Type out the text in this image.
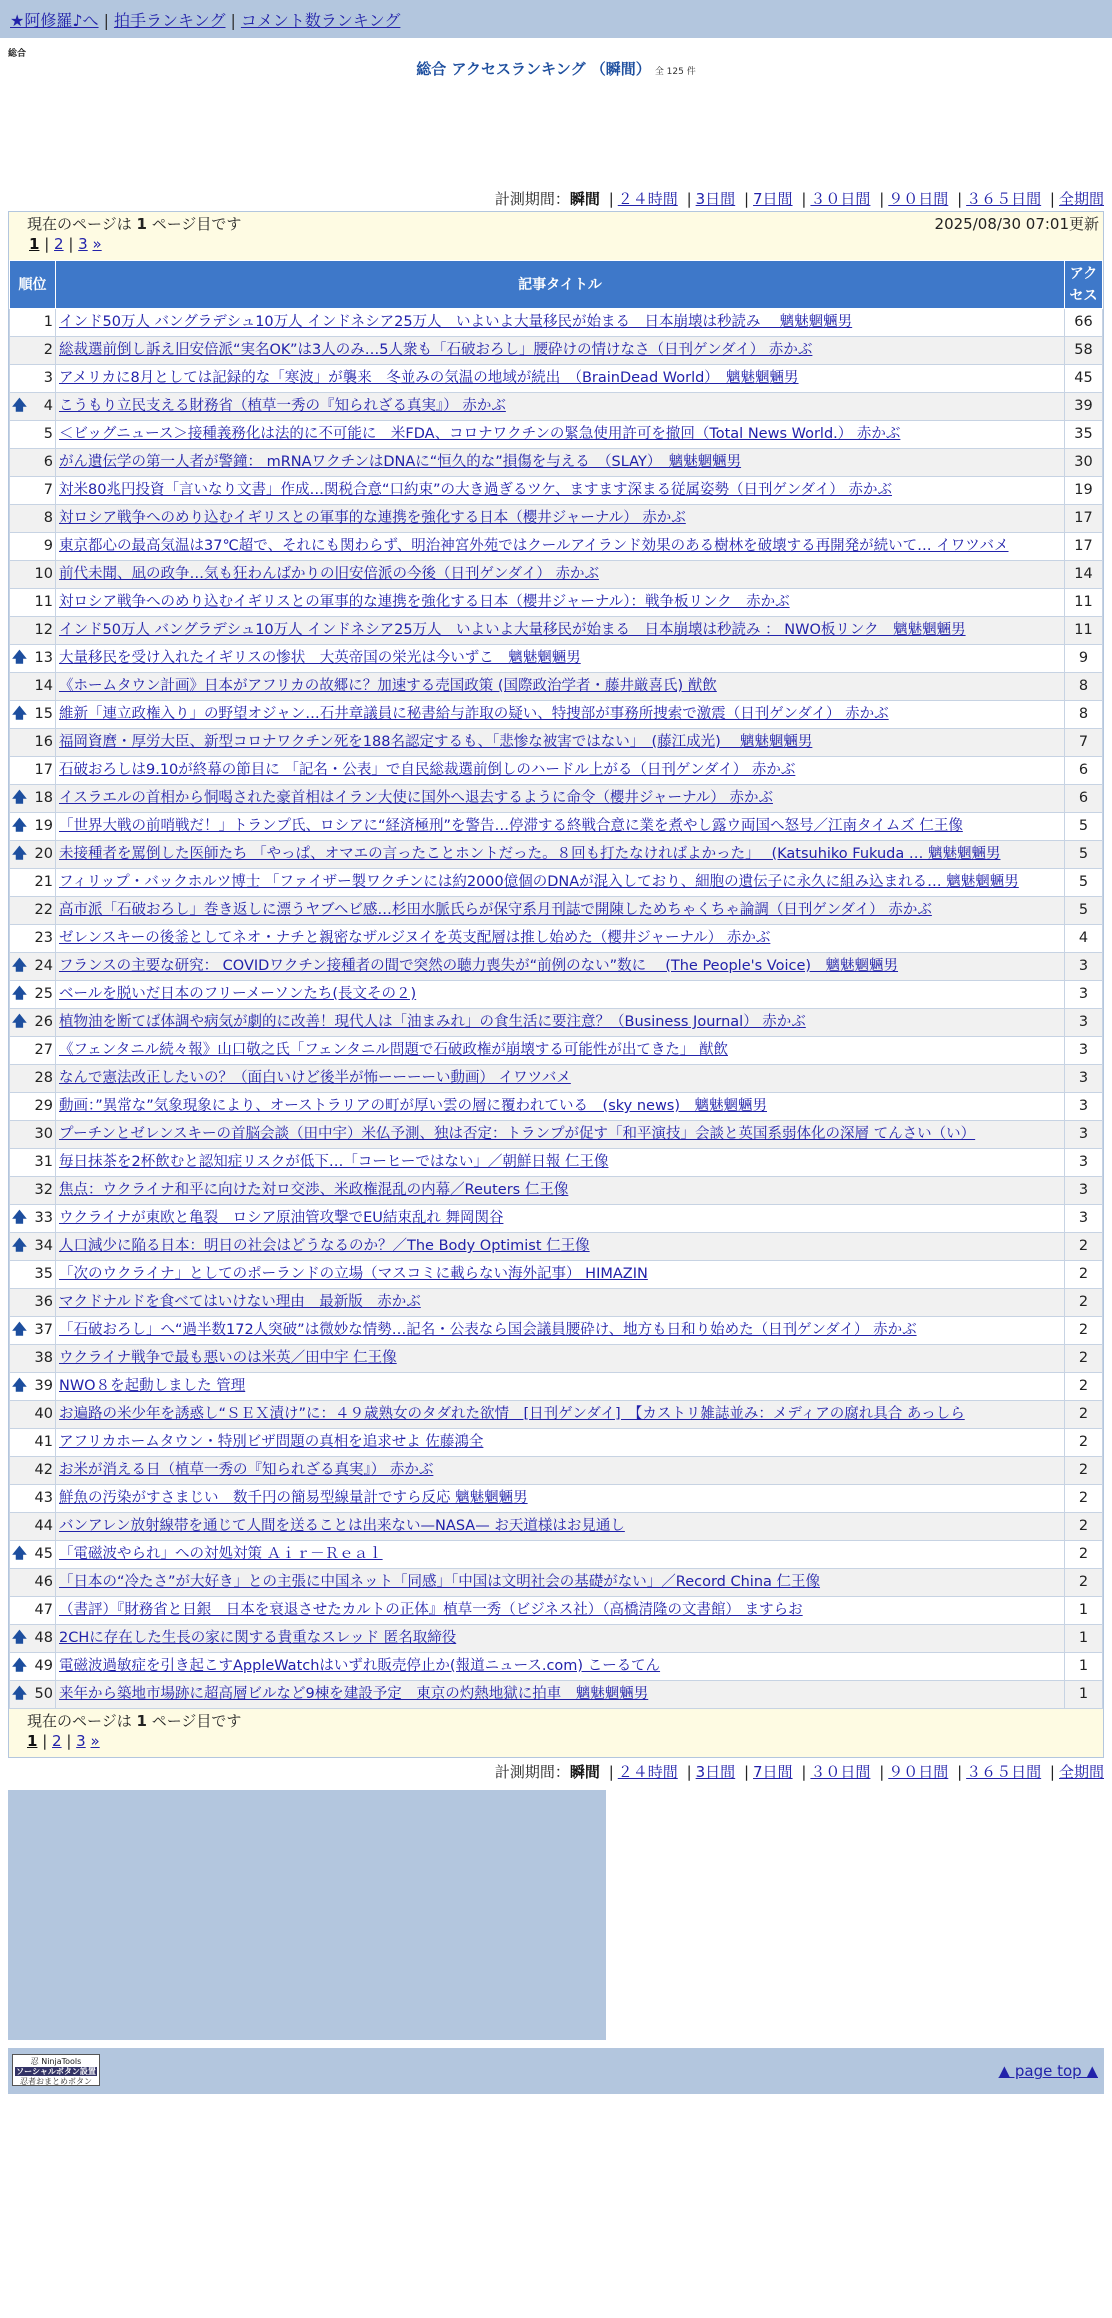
★阿修羅♪へ | 拍手ランキング | コメント数ランキング
総合
総合 アクセスランキング （瞬間） 全 125 件
計測期間：瞬間 | ２４時間 | 3日間 | 7日間 | ３０日間 | ９０日間 | ３６５日間 | 全期間
現在のページは 1 ページ目です	2025/08/30 07:01更新
1 | 2 | 3 »
順位	記事タイトル	アクセス

1	インド50万人 バングラデシュ10万人 インドネシア25万人　いよいよ大量移民が始まる　日本崩壊は秒読み　 魑魅魍魎男	66

2	総裁選前倒し訴え旧安倍派“実名OK”は3人のみ…5人衆も「石破おろし」腰砕けの情けなさ（日刊ゲンダイ） 赤かぶ	58

3	アメリカに8月としては記録的な「寒波」が襲来　冬並みの気温の地域が続出　（BrainDead World）　魑魅魍魎男	45

🡅 4	こうもり立民支える財務省（植草一秀の『知られざる真実』） 赤かぶ	39

5	＜ビッグニュース＞接種義務化は法的に不可能に　米FDA、コロナワクチンの緊急使用許可を撤回（Total News World.） 赤かぶ	35

6	がん遺伝学の第一人者が警鐘： mRNAワクチンはDNAに“恒久的な”損傷を与える　（SLAY）　魑魅魍魎男	30

7	対米80兆円投資「言いなり文書」作成…関税合意“口約束”の大き過ぎるツケ、ますます深まる従属姿勢（日刊ゲンダイ） 赤かぶ	19

8	対ロシア戦争へのめり込むイギリスとの軍事的な連携を強化する日本（櫻井ジャーナル） 赤かぶ	17

9	東京都心の最高気温は37℃超で、それにも関わらず、明治神宮外苑ではクールアイランド効果のある樹林を破壊する再開発が続いて… イワツバメ	17

10	前代未聞、凪の政争…気も狂わんばかりの旧安倍派の今後（日刊ゲンダイ） 赤かぶ	14

11	対ロシア戦争へのめり込むイギリスとの軍事的な連携を強化する日本（櫻井ジャーナル）：戦争板リンク　赤かぶ	11

12	インド50万人 バングラデシュ10万人 インドネシア25万人　いよいよ大量移民が始まる　日本崩壊は秒読み ： NWO板リンク　魑魅魍魎男	11

🡅 13	大量移民を受け入れたイギリスの惨状　大英帝国の栄光は今いずこ　魑魅魍魎男	9

14	《ホームタウン計画》日本がアフリカの故郷に？加速する売国政策 (国際政治学者・藤井厳喜氏) 猷飲	8

🡅 15	維新「連立政権入り」の野望オジャン…石井章議員に秘書給与詐取の疑い、特捜部が事務所捜索で激震（日刊ゲンダイ） 赤かぶ	8

16	福岡資麿・厚労大臣、新型コロナワクチン死を188名認定するも、「悲惨な被害ではない」　(藤江成光)　 魑魅魍魎男	7

17	石破おろしは9.10が終幕の節目に 「記名・公表」で自民総裁選前倒しのハードル上がる（日刊ゲンダイ） 赤かぶ	6

🡅 18	イスラエルの首相から恫喝された豪首相はイラン大使に国外へ退去するように命令（櫻井ジャーナル） 赤かぶ	6

🡅 19	「世界大戦の前哨戦だ！」トランプ氏、ロシアに“経済極刑”を警告…停滞する終戦合意に業を煮やし露ウ両国へ怒号／江南タイムズ 仁王像	5

🡅 20	未接種者を罵倒した医師たち 「やっぱ、オマエの言ったことホントだった。８回も打たなければよかった」　 (Katsuhiko Fukuda … 魑魅魍魎男	5

21	フィリップ・バックホルツ博士 「ファイザー製ワクチンには約2000億個のDNAが混入しており、細胞の遺伝子に永久に組み込まれる… 魑魅魍魎男	5

22	高市派「石破おろし」巻き返しに漂うヤブヘビ感…杉田水脈氏らが保守系月刊誌で開陳しためちゃくちゃ論調（日刊ゲンダイ） 赤かぶ	5

23	ゼレンスキーの後釜としてネオ・ナチと親密なザルジヌイを英支配層は推し始めた（櫻井ジャーナル） 赤かぶ	4

🡅 24	フランスの主要な研究： COVIDワクチン接種者の間で突然の聴力喪失が“前例のない”数に　 (The People's Voice)　魑魅魍魎男	3

🡅 25	ベールを脱いだ日本のフリーメーソンたち(長文その２)	3

🡅 26	植物油を断てば体調や病気が劇的に改善！現代人は「油まみれ」の食生活に要注意？（Business Journal） 赤かぶ	3

27	《フェンタニル続々報》山口敬之氏「フェンタニル問題で石破政権が崩壊する可能性が出てきた」 猷飲	3

28	なんで憲法改正したいの？（面白いけど後半が怖ーーーーい動画） イワツバメ	3

29	動画：”異常な”気象現象により、オーストラリアの町が厚い雲の層に覆われている　(sky news)　魑魅魍魎男	3

30	プーチンとゼレンスキーの首脳会談（田中宇）米仏予測、独は否定：トランプが促す「和平演技」会談と英国系弱体化の深層 てんさい（い）	3

31	毎日抹茶を2杯飲むと認知症リスクが低下…「コーヒーではない」／朝鮮日報 仁王像	3

32	焦点：ウクライナ和平に向けた対ロ交渉、米政権混乱の内幕／Reuters 仁王像	3

🡅 33	ウクライナが東欧と亀裂　ロシア原油管攻撃でEU結束乱れ 舞岡関谷	3

🡅 34	人口減少に陥る日本：明日の社会はどうなるのか？／The Body Optimist 仁王像	2

35	「次のウクライナ」としてのポーランドの立場（マスコミに載らない海外記事） HIMAZIN	2

36	マクドナルドを食べてはいけない理由　最新版　赤かぶ	2

🡅 37	「石破おろし」へ“過半数172人突破”は微妙な情勢…記名・公表なら国会議員腰砕け、地方も日和り始めた（日刊ゲンダイ） 赤かぶ	2

38	ウクライナ戦争で最も悪いのは米英／田中宇 仁王像	2

🡅 39	NWO８を起動しました 管理	2

40	お遍路の米少年を誘惑し“ＳＥＸ漬け”に：４９歳熟女のタダれた欲情　[日刊ゲンダイ]　【カストリ雑誌並み：メディアの腐れ具合 あっしら	2

41	アフリカホームタウン・特別ビザ問題の真相を追求せよ 佐藤鴻全	2

42	お米が消える日（植草一秀の『知られざる真実』） 赤かぶ	2

43	鮮魚の汚染がすさまじい　数千円の簡易型線量計ですら反応 魑魅魍魎男	2

44	バンアレン放射線帯を通じて人間を送ることは出来ない—NASA— お天道様はお見通し	2

🡅 45	「電磁波やられ」への対処対策 Ａｉｒ－Ｒｅａｌ	2

46	「日本の“冷たさ”が大好き」との主張に中国ネット「同感」「中国は文明社会の基礎がない」／Record China 仁王像	2

47	（書評）『財務省と日銀　日本を衰退させたカルトの正体』植草一秀（ビジネス社）（高橋清隆の文書館） ますらお	1

🡅 48	2CHに存在した生長の家に関する貴重なスレッド 匿名取締役	1

🡅 49	電磁波過敏症を引き起こすAppleWatchはいずれ販売停止か(報道ニュース.com) こーるてん	1

🡅 50	来年から築地市場跡に超高層ビルなど9棟を建設予定　東京の灼熱地獄に拍車　魑魅魍魎男	1
現在のページは 1 ページ目です
1 | 2 | 3 »
計測期間：瞬間 | ２４時間 | 3日間 | 7日間 | ３０日間 | ９０日間 | ３６５日間 | 全期間
忍 NinjaTools
ソーシャルボタン設置
忍者おまとめボタン
▲ page top ▲
